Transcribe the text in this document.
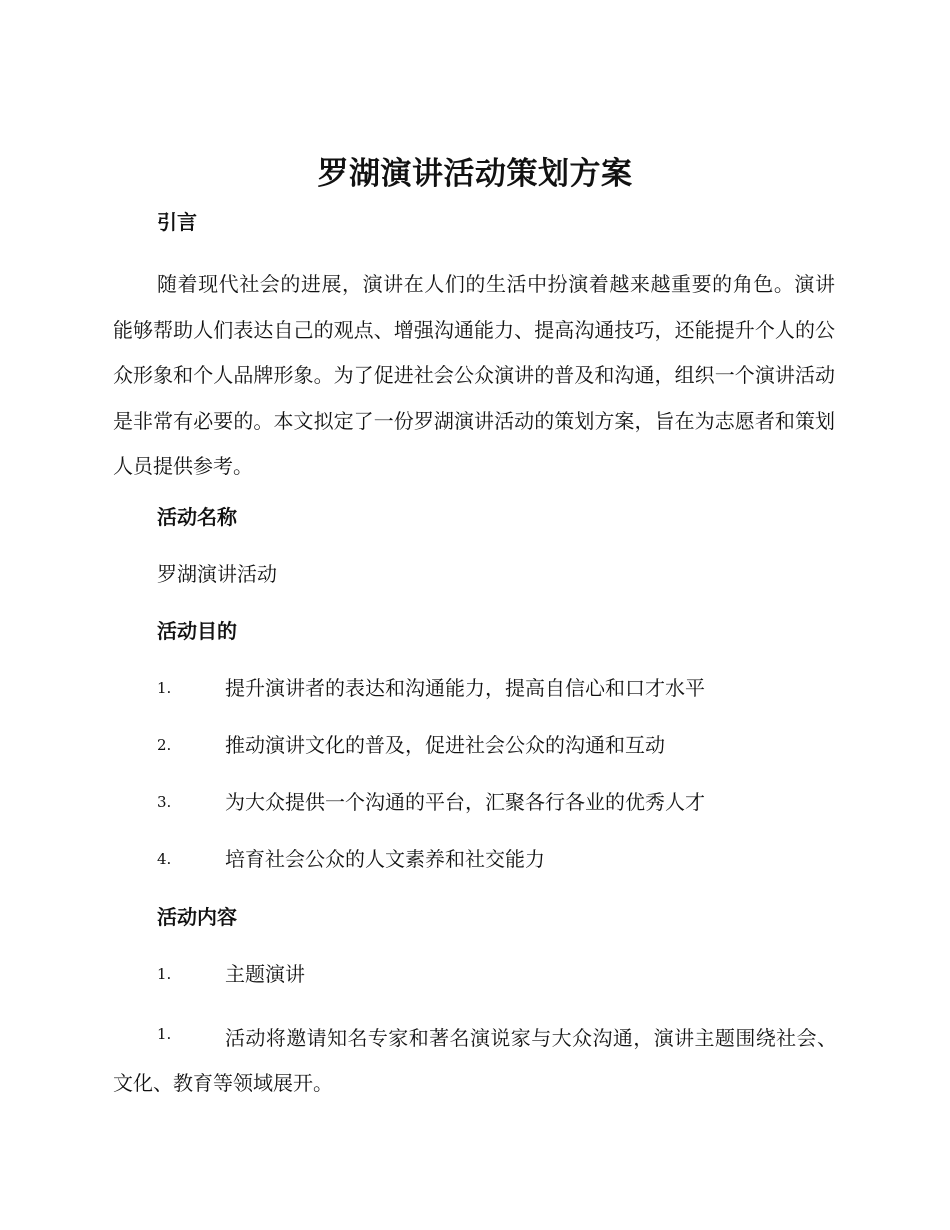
罗湖演讲活动策划方案
引言

随着现代社会的进展，演讲在人们的生活中扮演着越来越重要的角色。演讲能够帮助人们表达自己的观点、增强沟通能力、提高沟通技巧，还能提升个人的公众形象和个人品牌形象。为了促进社会公众演讲的普及和沟通，组织一个演讲活动是非常有必要的。本文拟定了一份罗湖演讲活动的策划方案，旨在为志愿者和策划人员提供参考。

活动名称

罗湖演讲活动

活动目的
1.	提升演讲者的表达和沟通能力，提高自信心和口才水平
2.	推动演讲文化的普及，促进社会公众的沟通和互动
3.	为大众提供一个沟通的平台，汇聚各行各业的优秀人才
4.	培育社会公众的人文素养和社交能力
活动内容
1.	主题演讲
1.	活动将邀请知名专家和著名演说家与大众沟通，演讲主题围绕社会、文化、教育等领域展开。
